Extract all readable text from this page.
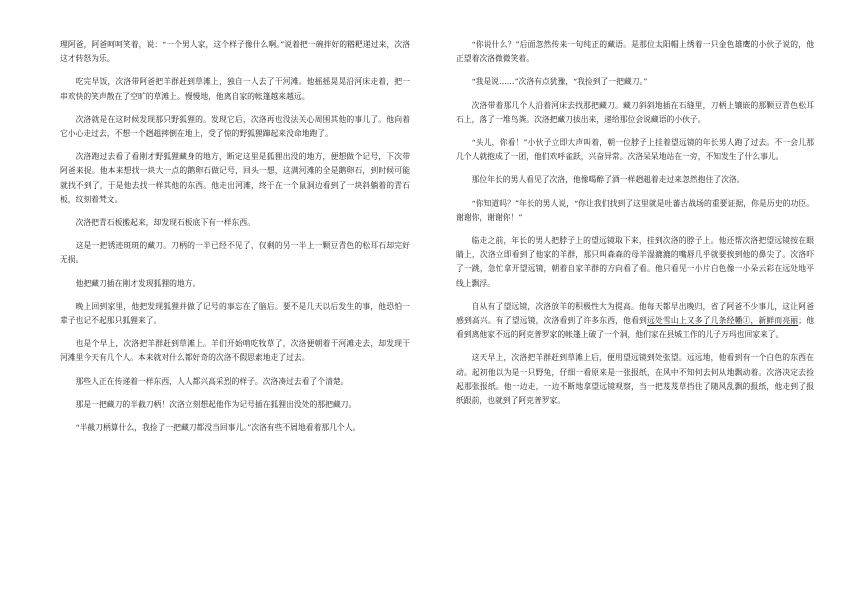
理阿爸，阿爸呵呵笑着，说：“一个男人家，这个样子像什么啊。”说着把一碗拌好的糌粑递过来，次洛这才转怒为乐。

吃完早饭，次洛带阿爸把羊群赶到草滩上，独自一人去了干河滩。他摇摇晃晃沿河床走着，把一串欢快的笑声散在了空旷的草滩上。慢慢地，他离自家的帐篷越来越远。

次洛就是在这时候发现那只野狐狸的。发现它后，次洛再也没法关心周围其他的事儿了。他向着它小心走过去，不想一个趔趄摔倒在地上，受了惊的野狐狸蹿起来没命地跑了。

次洛跑过去看了看刚才野狐狸藏身的地方，断定这里是狐狸出没的地方，便想做个记号，下次带阿爸来捉。他本来想找一块大一点的鹅卵石做记号，回头一想，这满河滩的全是鹅卵石，到时候可能就找不到了，于是他去找一样其他的东西。他走出河滩，终于在一个鼠洞边看到了一块斜躺着的青石板，纹刻着梵文。

次洛把青石板搬起来，却发现石板底下有一样东西。

这是一把锈迹斑斑的藏刀。刀柄的一半已经不见了，仅剩的另一半上一颗豆青色的松耳石却完好无损。

他把藏刀插在刚才发现狐狸的地方。

晚上回到家里，他把发现狐狸并做了记号的事忘在了脑后。要不是几天以后发生的事，他恐怕一辈子也记不起那只狐狸来了。

也是个早上，次洛把羊群赶到草滩上。羊们开始啃吃牧草了，次洛便朝着干河滩走去，却发现干河滩里今天有几个人。本来就对什么都好奇的次洛不假思索地走了过去。

那些人正在传递着一样东西，人人都兴高采烈的样子。次洛凑过去看了个清楚。

那是一把藏刀的半截刀柄！次洛立刻想起他作为记号插在狐狸出没处的那把藏刀。

“半截刀柄算什么，我捡了一把藏刀都没当回事儿。”次洛有些不屑地看着那几个人。

“你说什么？”后面忽然传来一句纯正的藏语。是那位太阳帽上绣着一只金色雄鹰的小伙子说的，他正望着次洛微微笑着。

“我是说……”次洛有点犹豫，“我捡到了一把藏刀。”

次洛带着那几个人沿着河床去找那把藏刀。藏刀斜斜地插在石缝里，刀柄上镶嵌的那颗豆青色松耳石上，落了一堆鸟粪。次洛把藏刀拔出来，递给那位会说藏语的小伙子。

“头儿，你看！”小伙子立即大声叫着，朝一位脖子上挂着望远镜的年长男人跑了过去。不一会儿那几个人就抱成了一团，他们欢呼雀跃，兴奋异常。次洛呆呆地站在一旁，不知发生了什么事儿。

那位年长的男人看见了次洛，他像喝醉了酒一样趔趄着走过来忽然抱住了次洛。

“你知道吗？”年长的男人说，“你让我们找到了这里就是吐蕃古战场的重要证据，你是历史的功臣。谢谢你，谢谢你！”

临走之前，年长的男人把脖子上的望远镜取下来，挂到次洛的脖子上。他还帮次洛把望远镜按在眼睛上，次洛立即看到了他家的羊群，那只叫森森的母羊湿漉漉的嘴唇几乎就要挨到他的鼻尖了。次洛吓了一跳，急忙拿开望远镜，朝着自家羊群的方向看了看。他只看见一小片白色像一小朵云彩在远处地平线上飘浮。

自从有了望远镜，次洛放羊的积极性大为提高。他每天都早出晚归，省了阿爸不少事儿，这让阿爸感到高兴。有了望远镜，次洛看到了许多东西，他看到远处雪山上又多了几条经幡①，新鲜而亮丽；他看到离他家不远的阿克普罗家的帐篷上破了一个洞，他们家在县城工作的儿子万玛也回家来了。

这天早上，次洛把羊群赶到草滩上后，便用望远镜到处张望。远远地，他看到有一个白色的东西在动。起初他以为是一只野兔，仔细一看原来是一张报纸，在风中不知何去何从地飘动着。次洛决定去捡起那张报纸。他一边走，一边不断地拿望远镜观察，当一把芨芨草挡住了随风乱飘的报纸，他走到了报纸跟前，也就到了阿克普罗家。
